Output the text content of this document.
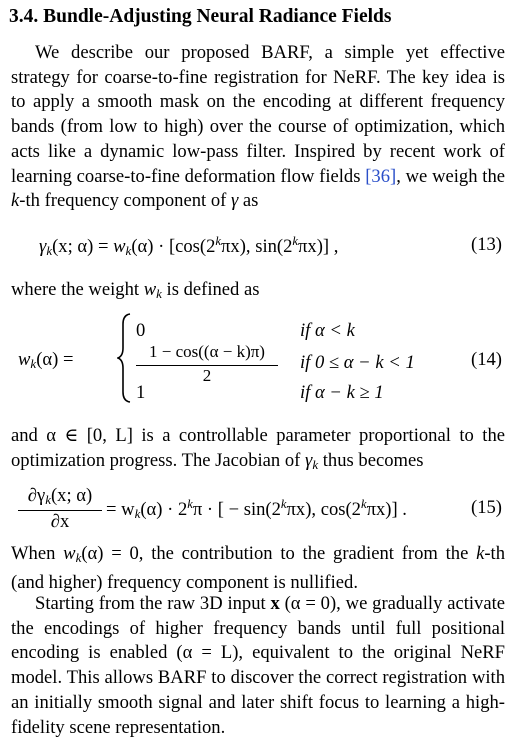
3.4. Bundle-Adjusting Neural Radiance Fields
We describe our proposed BARF, a simple yet effective strategy for coarse-to-fine registration for NeRF. The key idea is to apply a smooth mask on the encoding at different frequency bands (from low to high) over the course of optimization, which acts like a dynamic low-pass filter. Inspired by recent work of learning coarse-to-fine deformation flow fields [36], we weigh the k-th frequency component of γ as
$\gamma_k(x$; $\alpha) = w_k(\alpha) \cdot [\cos(2^k\pi x)$, sin(2$^k$πx)] ,	(13)
where the weight $w_k$ is defined as
$w_k(\alpha)$ =
0	if α < k
1 − cos((α − k)π)
2
if 0 ≤ α − k < 1
1	if α − k ≥ 1
(14)
and α ∈ [0, L] is a controllable parameter proportional to the optimization progress. The Jacobian of $\gamma_k$ thus becomes
$\partial\gamma_k(x$; α)
∂x
= $w_k(\alpha) \cdot 2^k\pi$ · [ − $\sin(2^k\pi x)$, cos(2$^k$πx)] .	(15)
When $w_k(\alpha) = 0$, the contribution to the gradient from the k-th (and higher) frequency component is nullified.
Starting from the raw 3D input x (α = 0), we gradually activate the encodings of higher frequency bands until full positional encoding is enabled (α = L), equivalent to the original NeRF model. This allows BARF to discover the correct registration with an initially smooth signal and later shift focus to learning a high-fidelity scene representation.
